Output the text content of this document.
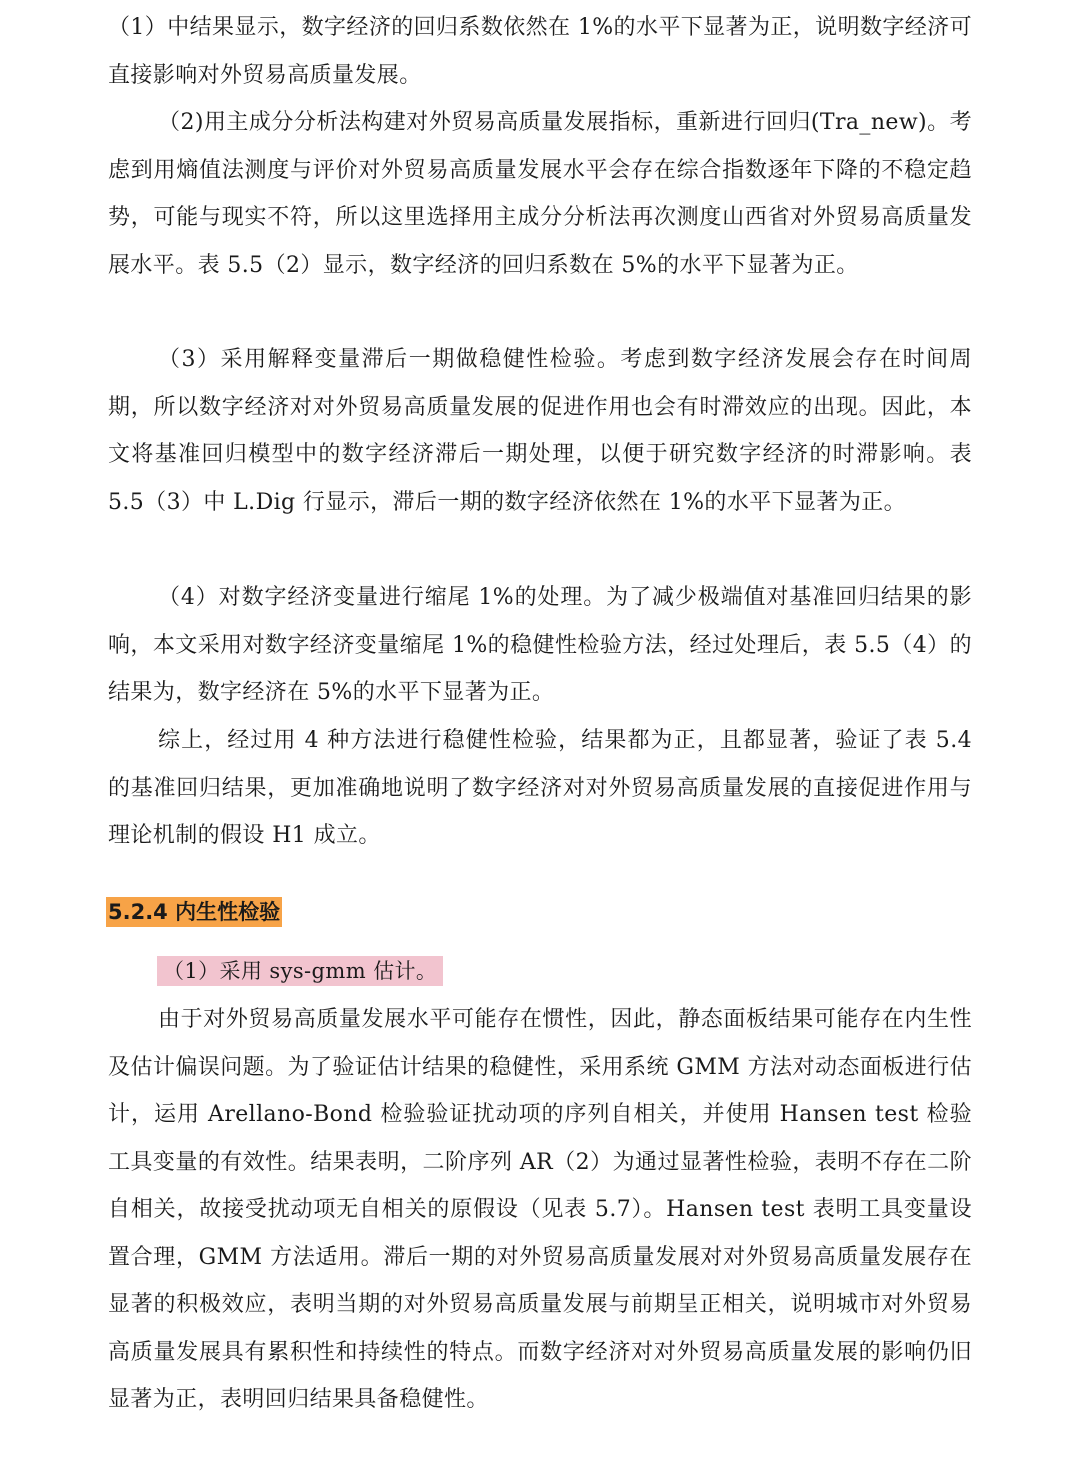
（1）中结果显示，数字经济的回归系数依然在 1%的水平下显著为正，说明数字经济可直接影响对外贸易高质量发展。

（2)用主成分分析法构建对外贸易高质量发展指标，重新进行回归(Tra_new)。考虑到用熵值法测度与评价对外贸易高质量发展水平会存在综合指数逐年下降的不稳定趋势，可能与现实不符，所以这里选择用主成分分析法再次测度山西省对外贸易高质量发展水平。表 5.5（2）显示，数字经济的回归系数在 5%的水平下显著为正。

（3）采用解释变量滞后一期做稳健性检验。考虑到数字经济发展会存在时间周期，所以数字经济对对外贸易高质量发展的促进作用也会有时滞效应的出现。因此，本文将基准回归模型中的数字经济滞后一期处理，以便于研究数字经济的时滞影响。表 5.5（3）中 L.Dig 行显示，滞后一期的数字经济依然在 1%的水平下显著为正。

（4）对数字经济变量进行缩尾 1%的处理。为了减少极端值对基准回归结果的影响，本文采用对数字经济变量缩尾 1%的稳健性检验方法，经过处理后，表 5.5（4）的结果为，数字经济在 5%的水平下显著为正。

综上，经过用 4 种方法进行稳健性检验，结果都为正，且都显著，验证了表 5.4 的基准回归结果，更加准确地说明了数字经济对对外贸易高质量发展的直接促进作用与理论机制的假设 H1 成立。

5.2.4 内生性检验
（1）采用 sys-gmm 估计。

由于对外贸易高质量发展水平可能存在惯性，因此，静态面板结果可能存在内生性及估计偏误问题。为了验证估计结果的稳健性，采用系统 GMM 方法对动态面板进行估计，运用 Arellano-Bond 检验验证扰动项的序列自相关，并使用 Hansen test 检验工具变量的有效性。结果表明，二阶序列 AR（2）为通过显著性检验，表明不存在二阶自相关，故接受扰动项无自相关的原假设（见表 5.7）。Hansen test 表明工具变量设置合理，GMM 方法适用。滞后一期的对外贸易高质量发展对对外贸易高质量发展存在显著的积极效应，表明当期的对外贸易高质量发展与前期呈正相关，说明城市对外贸易高质量发展具有累积性和持续性的特点。而数字经济对对外贸易高质量发展的影响仍旧显著为正，表明回归结果具备稳健性。
